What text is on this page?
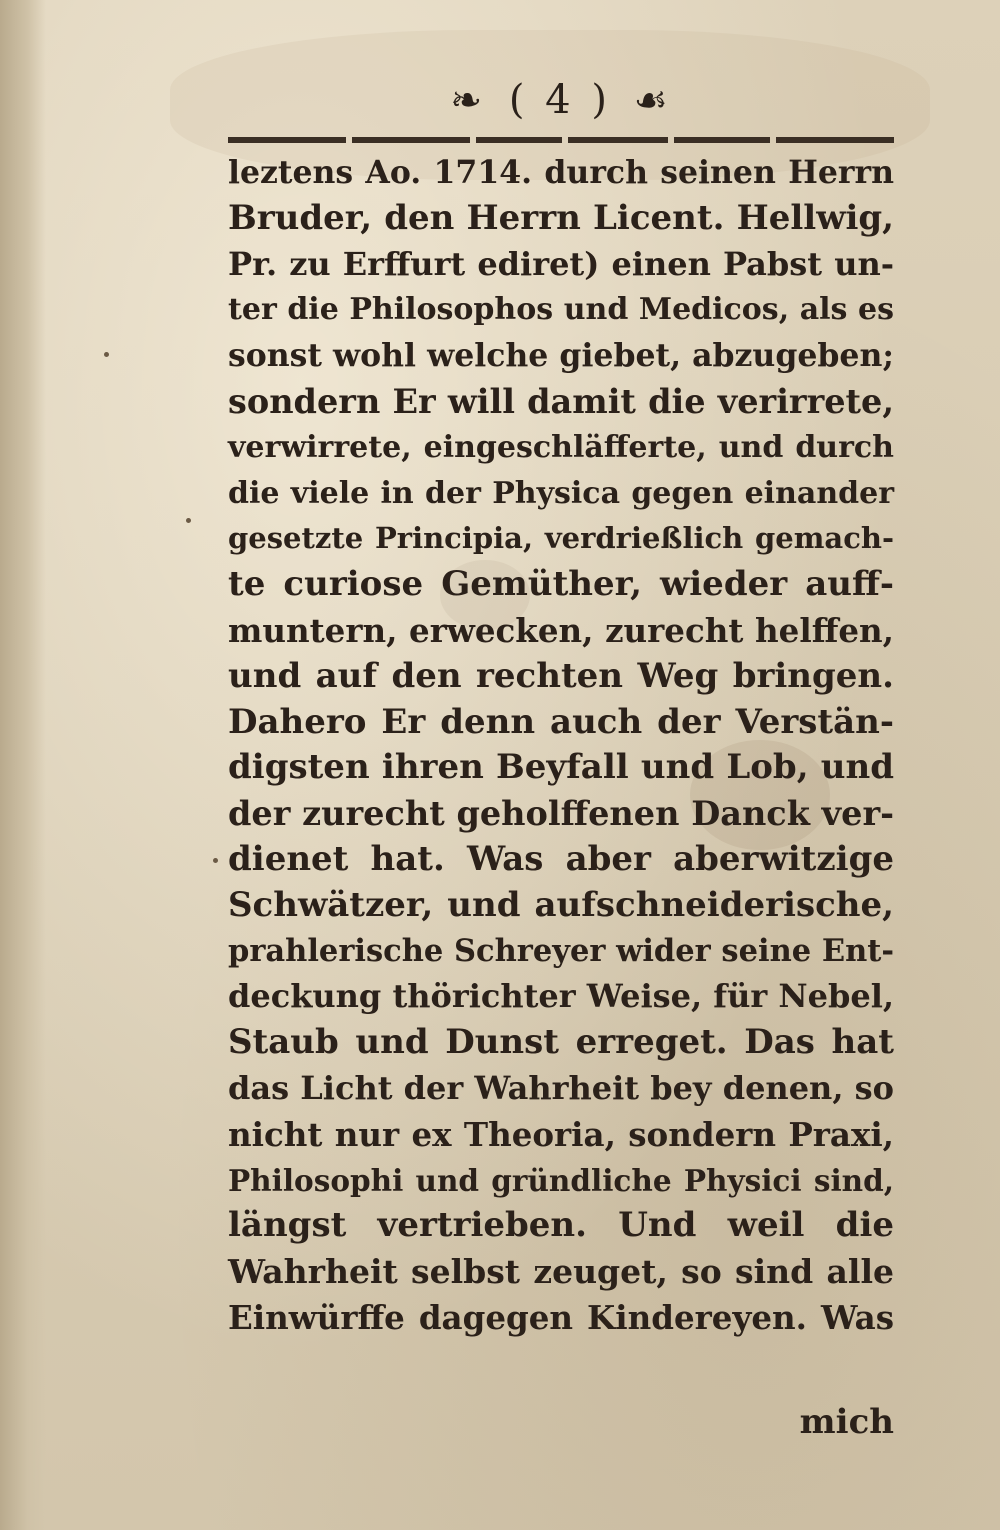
❧ ( 4 ) ☙
leztens Ao. 1714. durch seinen Herrn
Bruder, den Herrn Licent. Hellwig,
Pr. zu Erffurt ediret) einen Pabst un-
ter die Philosophos und Medicos, als es
sonst wohl welche giebet, abzugeben;
sondern Er will damit die verirrete,
verwirrete, eingeschläfferte, und durch
die viele in der Physica gegen einander
gesetzte Principia, verdrießlich gemach-
te curiose Gemüther, wieder auff-
muntern, erwecken, zurecht helffen,
und auf den rechten Weg bringen.
Dahero Er denn auch der Verstän-
digsten ihren Beyfall und Lob, und
der zurecht geholffenen Danck ver-
dienet hat. Was aber aberwitzige
Schwätzer, und aufschneiderische,
prahlerische Schreyer wider seine Ent-
deckung thörichter Weise, für Nebel,
Staub und Dunst erreget. Das hat
das Licht der Wahrheit bey denen, so
nicht nur ex Theoria, sondern Praxi,
Philosophi und gründliche Physici sind,
längst vertrieben. Und weil die
Wahrheit selbst zeuget, so sind alle
Einwürffe dagegen Kindereyen. Was
mich
